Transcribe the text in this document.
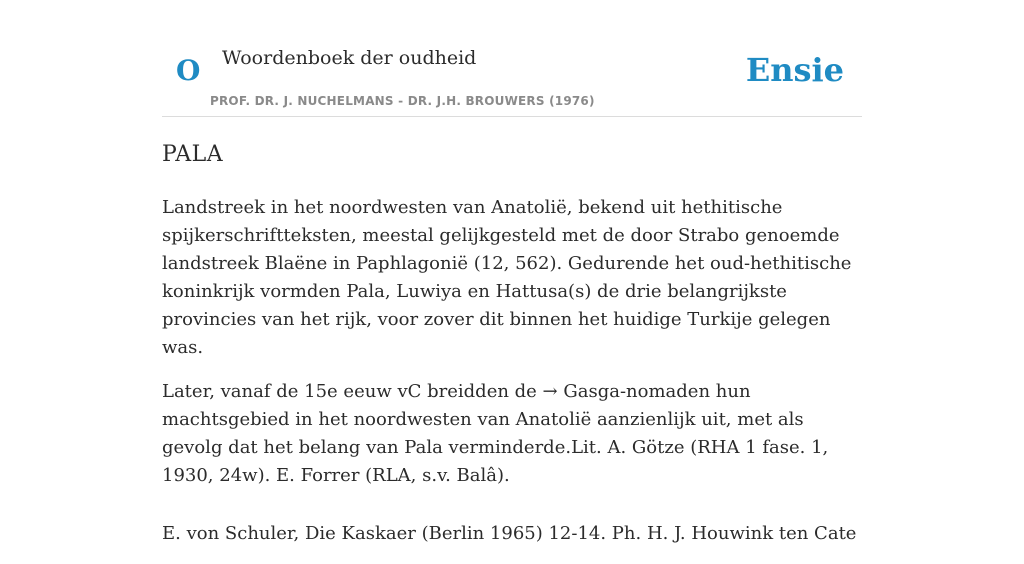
O Woordenboek der oudheid
PROF. DR. J. NUCHELMANS - DR. J.H. BROUWERS (1976)
Ensie
PALA

Landstreek in het noordwesten van Anatolië, bekend uit hethitische spijkerschriftteksten, meestal gelijkgesteld met de door Strabo genoemde landstreek Blaëne in Paphlagonië (12, 562). Gedurende het oud-hethitische koninkrijk vormden Pala, Luwiya en Hattusa(s) de drie belangrijkste provincies van het rijk, voor zover dit binnen het huidige Turkije gelegen was.

Later, vanaf de 15e eeuw vC breidden de → Gasga-nomaden hun machtsgebied in het noordwesten van Anatolië aanzienlijk uit, met als gevolg dat het belang van Pala verminderde.Lit. A. Götze (RHA 1 fase. 1, 1930, 24w). E. Forrer (RLA, s.v. Balâ).

E. von Schuler, Die Kaskaer (Berlin 1965) 12-14. Ph. H. J. Houwink ten Cate
